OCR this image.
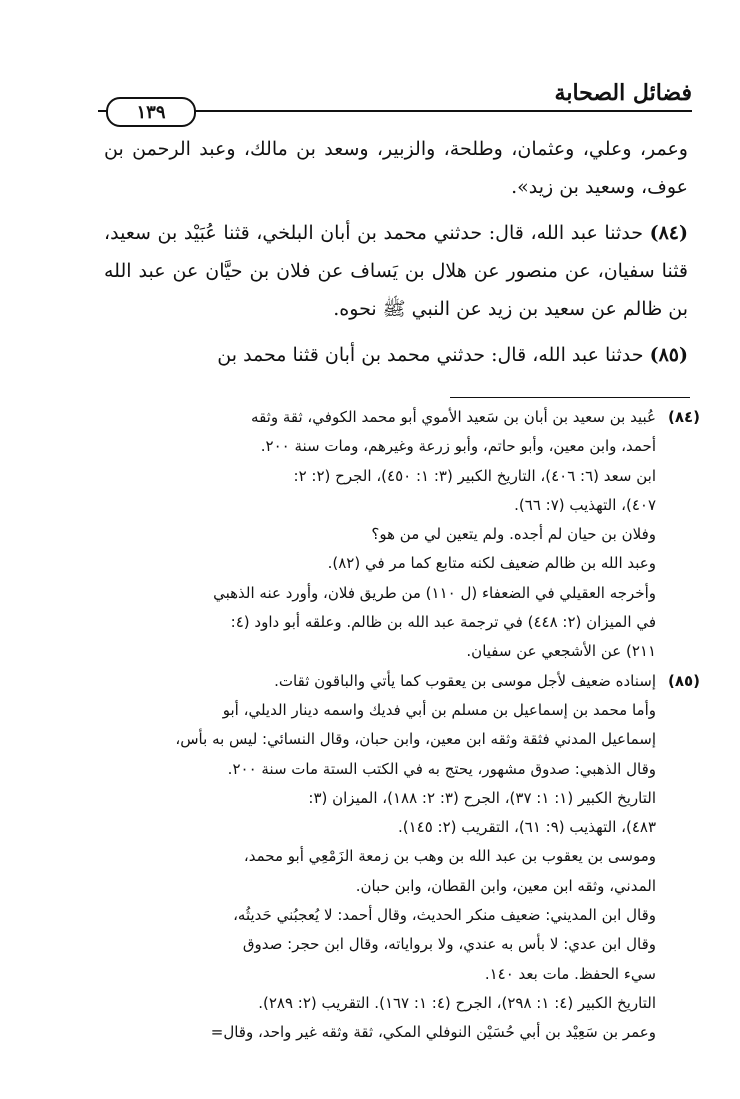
فضائل الصحابة
١٣٩

وعمر، وعلي، وعثمان، وطلحة، والزبير، وسعد بن مالك، وعبد الرحمن بن عوف، وسعيد بن زيد».

(٨٤) حدثنا عبد الله، قال: حدثني محمد بن أبان البلخي، قثنا عُبَيْد بن سعيد، قثنا سفيان، عن منصور عن هلال بن يَساف عن فلان بن حيَّان عن عبد الله بن ظالم عن سعيد بن زيد عن النبي ﷺ نحوه.

(٨٥) حدثنا عبد الله، قال: حدثني محمد بن أبان قثنا محمد بن

(٨٤)
عُبيد بن سعيد بن أبان بن سَعيد الأموي أبو محمد الكوفي، ثقة وثقه
أحمد، وابن معين، وأبو حاتم، وأبو زرعة وغيرهم، ومات سنة ٢٠٠.
ابن سعد (٦: ٤٠٦)، التاريخ الكبير (٣: ١: ٤٥٠)، الجرح (٢: ٢:
٤٠٧)، التهذيب (٧: ٦٦).
وفلان بن حيان لم أجده. ولم يتعين لي من هو؟
وعبد الله بن ظالم ضعيف لكنه متابع كما مر في (٨٢).
وأخرجه العقيلي في الضعفاء (ل ١١٠) من طريق فلان، وأورد عنه الذهبي
في الميزان (٢: ٤٤٨) في ترجمة عبد الله بن ظالم. وعلقه أبو داود (٤:
٢١١) عن الأشجعي عن سفيان.
(٨٥)
إسناده ضعيف لأجل موسى بن يعقوب كما يأتي والباقون ثقات.
وأما محمد بن إسماعيل بن مسلم بن أبي فديك واسمه دينار الديلي، أبو
إسماعيل المدني فثقة وثقه ابن معين، وابن حبان، وقال النسائي: ليس به بأس،
وقال الذهبي: صدوق مشهور، يحتج به في الكتب الستة مات سنة ٢٠٠.
التاريخ الكبير (١: ١: ٣٧)، الجرح (٣: ٢: ١٨٨)، الميزان (٣:
٤٨٣)، التهذيب (٩: ٦١)، التقريب (٢: ١٤٥).
وموسى بن يعقوب بن عبد الله بن وهب بن زمعة الزَمْعِي أبو محمد،
المدني، وثقه ابن معين، وابن القطان، وابن حبان.
وقال ابن المديني: ضعيف منكر الحديث، وقال أحمد: لا يُعجبُني حَديثُه،
وقال ابن عدي: لا بأس به عندي، ولا برواياته، وقال ابن حجر: صدوق
سيء الحفظ. مات بعد ١٤٠.
التاريخ الكبير (٤: ١: ٢٩٨)، الجرح (٤: ١: ١٦٧). التقريب (٢: ٢٨٩).
وعمر بن سَعِيْد بن أبي حُسَيْن النوفلي المكي، ثقة وثقه غير واحد، وقال=
